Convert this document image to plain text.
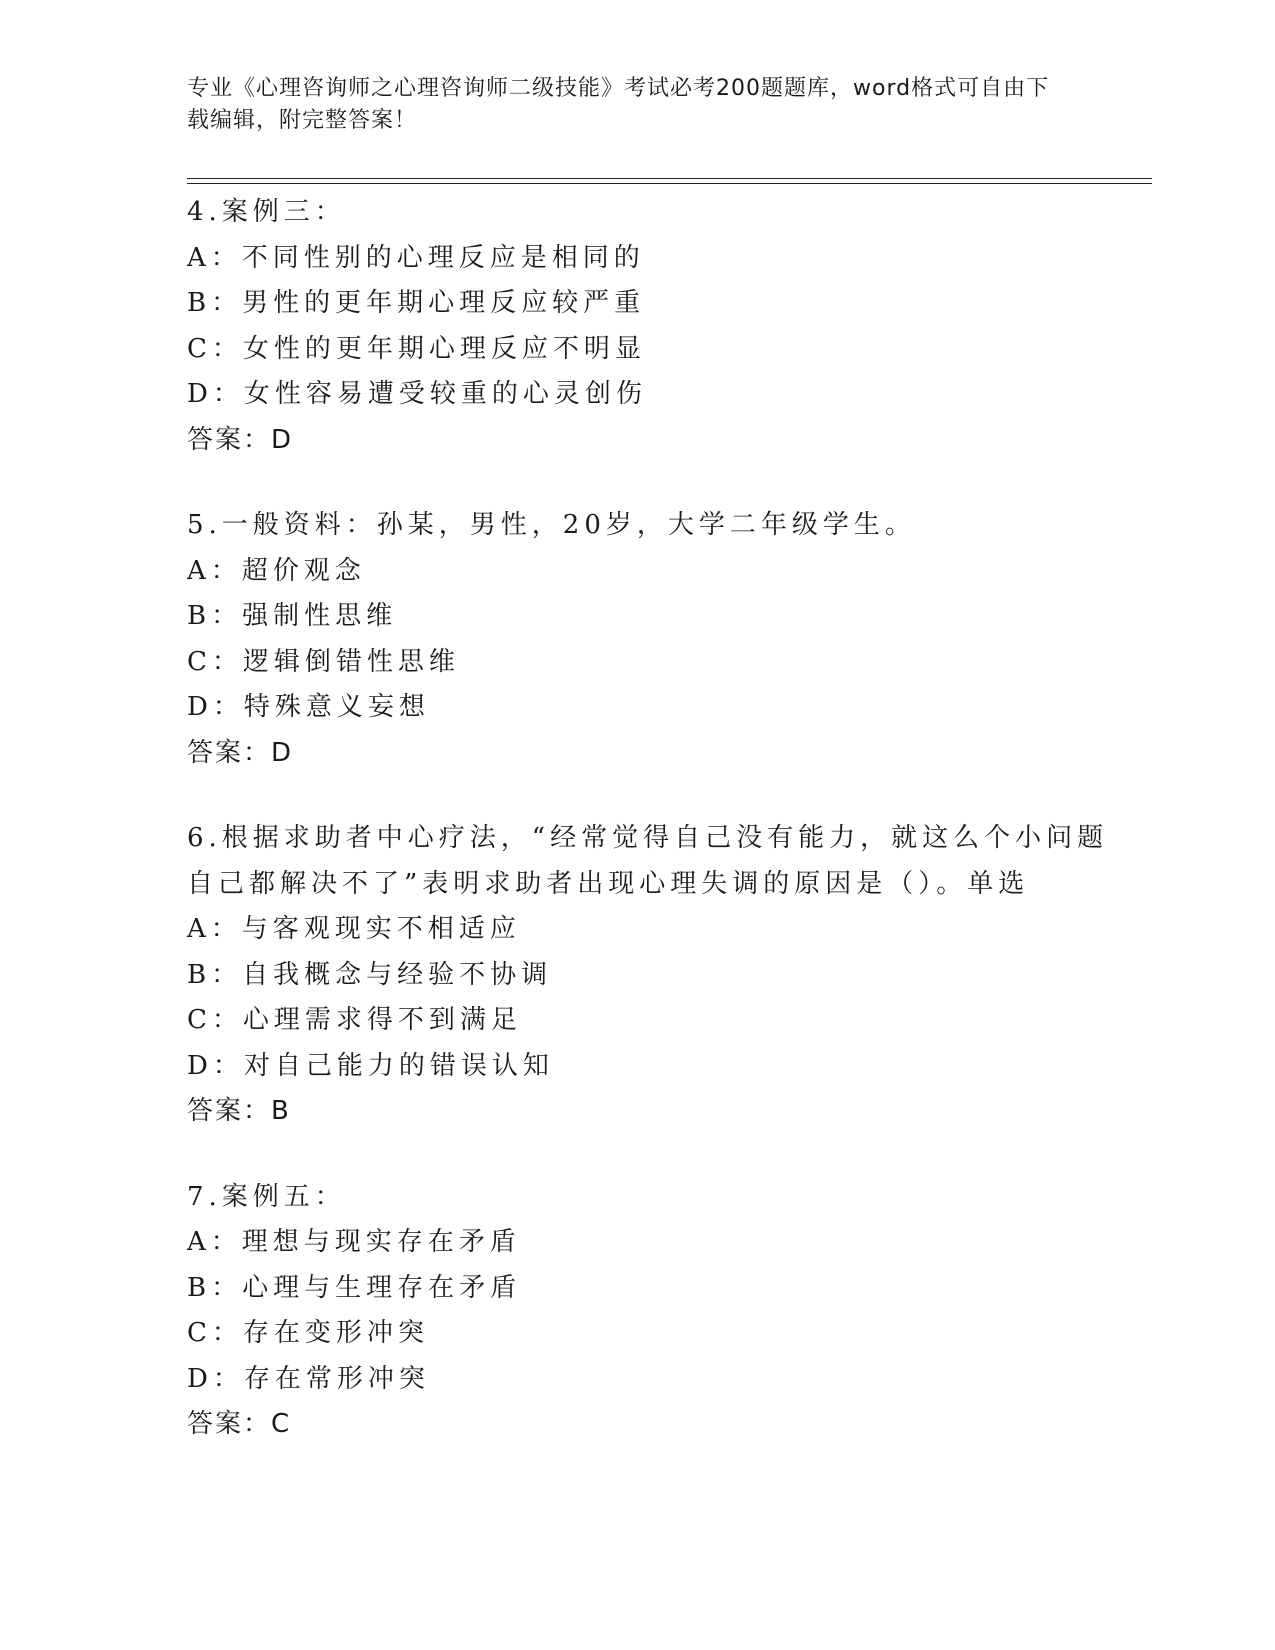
专业《心理咨询师之心理咨询师二级技能》考试必考200题题库，word格式可自由下载编辑，附完整答案！
4.案例三：
A：不同性别的心理反应是相同的
B：男性的更年期心理反应较严重
C：女性的更年期心理反应不明显
D：女性容易遭受较重的心灵创伤
答案：D
5.一般资料：孙某，男性，20岁，大学二年级学生。
A：超价观念
B：强制性思维
C：逻辑倒错性思维
D：特殊意义妄想
答案：D
6.根据求助者中心疗法，“经常觉得自己没有能力，就这么个小问题
自己都解决不了”表明求助者出现心理失调的原因是（）。单选
A：与客观现实不相适应
B：自我概念与经验不协调
C：心理需求得不到满足
D：对自己能力的错误认知
答案：B
7.案例五：
A：理想与现实存在矛盾
B：心理与生理存在矛盾
C：存在变形冲突
D：存在常形冲突
答案：C
